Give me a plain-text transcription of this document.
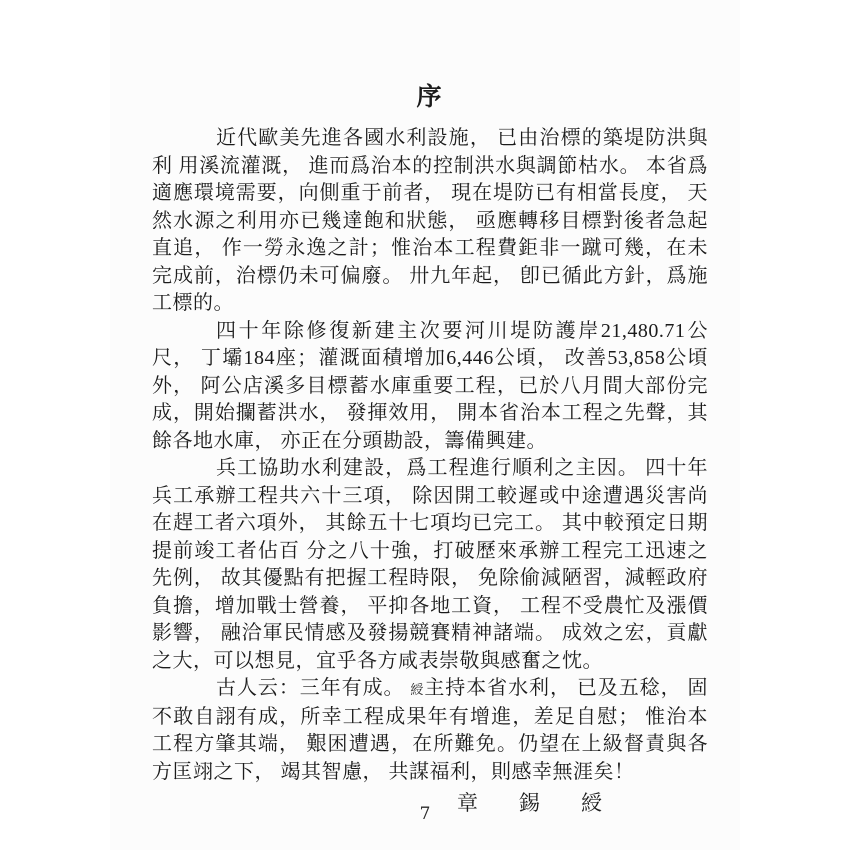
序

近代歐美先進各國水利設施， 已由治標的築堤防洪與利 用溪流灌溉， 進而爲治本的控制洪水與調節枯水。 本省爲適應環境需要，向側重于前者， 現在堤防已有相當長度， 天然水源之利用亦已幾達飽和狀態， 亟應轉移目標對後者急起直追， 作一勞永逸之計；惟治本工程費鉅非一蹴可幾，在未完成前，治標仍未可偏廢。 卅九年起， 卽已循此方針，爲施工標的。

四十年除修復新建主次要河川堤防護岸21,480.71公尺， 丁壩184座；灌溉面積增加6,446公頃， 改善53,858公頃外， 阿公店溪多目標蓄水庫重要工程，已於八月間大部份完成，開始攔蓄洪水， 發揮效用， 開本省治本工程之先聲，其餘各地水庫， 亦正在分頭勘設，籌備興建。

兵工協助水利建設，爲工程進行順利之主因。 四十年兵工承辦工程共六十三項， 除因開工較遲或中途遭遇災害尚在趕工者六項外， 其餘五十七項均已完工。 其中較預定日期提前竣工者佔百 分之八十強，打破歷來承辦工程完工迅速之先例， 故其優點有把握工程時限， 免除偷減陋習，減輕政府負擔，增加戰士營養， 平抑各地工資， 工程不受農忙及漲價影響， 融洽軍民情感及發揚競賽精神諸端。 成效之宏，貢獻之大，可以想見，宜乎各方咸表崇敬與感奮之忱。

古人云：三年有成。 綬主持本省水利， 已及五稔， 固不敢自詡有成，所幸工程成果年有增進，差足自慰； 惟治本工程方肇其端， 艱困遭遇，在所難免。仍望在上級督責與各方匡翊之下， 竭其智慮， 共謀福利，則感幸無涯矣！

章　錫　綬
7
